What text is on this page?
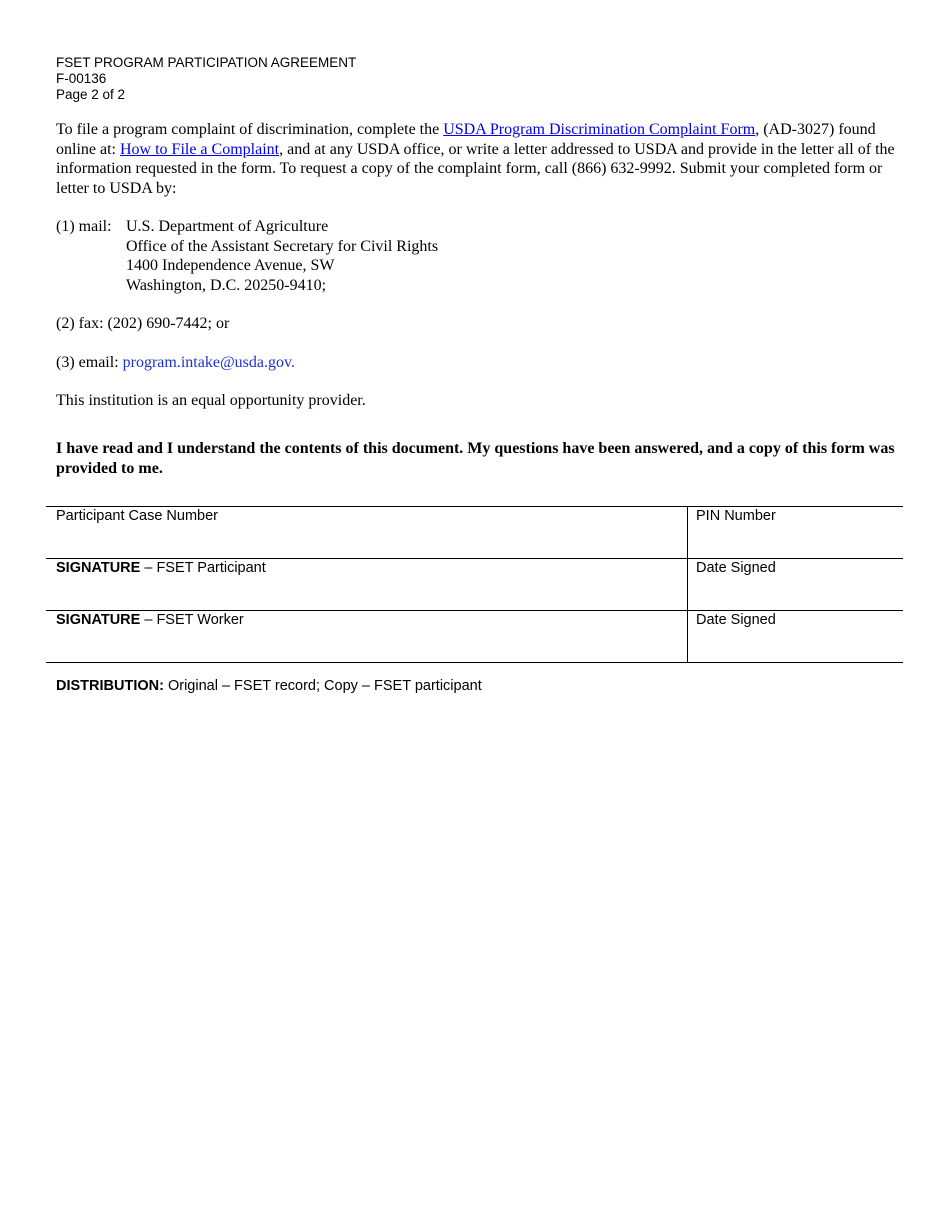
FSET PROGRAM PARTICIPATION AGREEMENT
F-00136
Page 2 of 2
To file a program complaint of discrimination, complete the USDA Program Discrimination Complaint Form, (AD-3027) found online at: How to File a Complaint, and at any USDA office, or write a letter addressed to USDA and provide in the letter all of the information requested in the form. To request a copy of the complaint form, call (866) 632-9992. Submit your completed form or letter to USDA by:
(1) mail: U.S. Department of Agriculture
Office of the Assistant Secretary for Civil Rights
1400 Independence Avenue, SW
Washington, D.C. 20250-9410;
(2) fax: (202) 690-7442; or
(3) email: program.intake@usda.gov.
This institution is an equal opportunity provider.
I have read and I understand the contents of this document. My questions have been answered, and a copy of this form was provided to me.
Participant Case Number	PIN Number
SIGNATURE – FSET Participant	Date Signed
SIGNATURE – FSET Worker	Date Signed
DISTRIBUTION: Original – FSET record; Copy – FSET participant
